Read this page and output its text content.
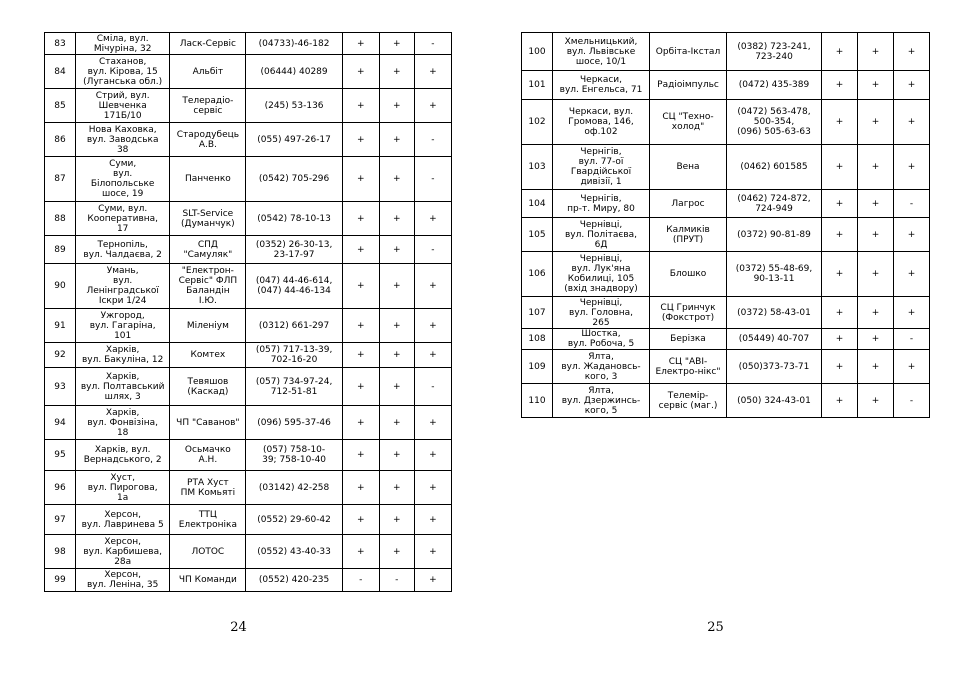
83	Сміла, вул.
Мічуріна, 32	Ласк-Сервіс	(04733)-46-182	+	+	-
84	Стаханов,
вул. Кірова, 15
(Луганська обл.)	Альбіт	(06444) 40289	+	+	+
85	Стрий, вул.
Шевченка
171Б/10	Телерадіо-
сервіс	(245) 53-136	+	+	+
86	Нова Каховка,
вул. Заводська
38	Стародубець
А.В.	(055) 497-26-17	+	+	-
87	Суми,
вул.
Білопольське
шосе, 19	Панченко	(0542) 705-296	+	+	-
88	Суми, вул.
Кооперативна,
17	SLT-Service
(Думанчук)	(0542) 78-10-13	+	+	+
89	Тернопіль,
вул. Чалдаєва, 2	СПД
"Самуляк"	(0352) 26-30-13,
23-17-97	+	+	-
90	Умань,
вул.
Ленінградської
Іскри 1/24	"Електрон-
Сервіс" ФЛП
Баландін
І.Ю.	(047) 44-46-614,
(047) 44-46-134	+	+	+
91	Ужгород,
вул. Гагаріна,
101	Міленіум	(0312) 661-297	+	+	+
92	Харків,
вул. Бакуліна, 12	Комтех	(057) 717-13-39,
702-16-20	+	+	+
93	Харків,
вул. Полтавський
шлях, 3	Тевяшов
(Каскад)	(057) 734-97-24,
712-51-81	+	+	-
94	Харків,
вул. Фонвізіна,
18	ЧП "Саванов"	(096) 595-37-46	+	+	+
95	Харків, вул.
Вернадського, 2	Осьмачко
А.Н.	(057) 758-10-
39; 758-10-40	+	+	+
96	Хуст,
вул. Пирогова,
1а	РТА Хуст
ПМ Комьяті	(03142) 42-258	+	+	+
97	Херсон,
вул. Лавринева 5	ТТЦ
Електроніка	(0552) 29-60-42	+	+	+
98	Херсон,
вул. Карбишева,
28а	ЛОТОС	(0552) 43-40-33	+	+	+
99	Херсон,
вул. Леніна, 35	ЧП Команди	(0552) 420-235	-	-	+
24
100	Хмельницький,
вул. Львівське
шосе, 10/1	Орбіта-Ікстал	(0382) 723-241,
723-240	+	+	+
101	Черкаси,
вул. Енгельса, 71	Радіоімпульс	(0472) 435-389	+	+	+
102	Черкаси, вул.
Громова, 146,
оф.102	СЦ "Техно-
холод"	(0472) 563-478,
500-354,
(096) 505-63-63	+	+	+
103	Чернігів,
вул. 77-ої
Гвардійської
дивізії, 1	Вена	(0462) 601585	+	+	+
104	Чернігів,
пр-т. Миру, 80	Лагрос	(0462) 724-872,
724-949	+	+	-
105	Чернівці,
вул. Політаєва,
6Д	Калмиків
(ПРУТ)	(0372) 90-81-89	+	+	+
106	Чернівці,
вул. Лук'яна
Кобилиці, 105
(вхід знадвору)	Блошко	(0372) 55-48-69,
90-13-11	+	+	+
107	Чернівці,
вул. Головна,
265	СЦ Гринчук
(Фокстрот)	(0372) 58-43-01	+	+	+
108	Шостка,
вул. Робоча, 5	Берізка	(05449) 40-707	+	+	-
109	Ялта,
вул. Жадановсь-
кого, 3	СЦ "АВІ-
Електро-нікс"	(050)373-73-71	+	+	+
110	Ялта,
вул. Дзержинсь-
кого, 5	Телемір-
сервіс (маг.)	(050) 324-43-01	+	+	-
25
